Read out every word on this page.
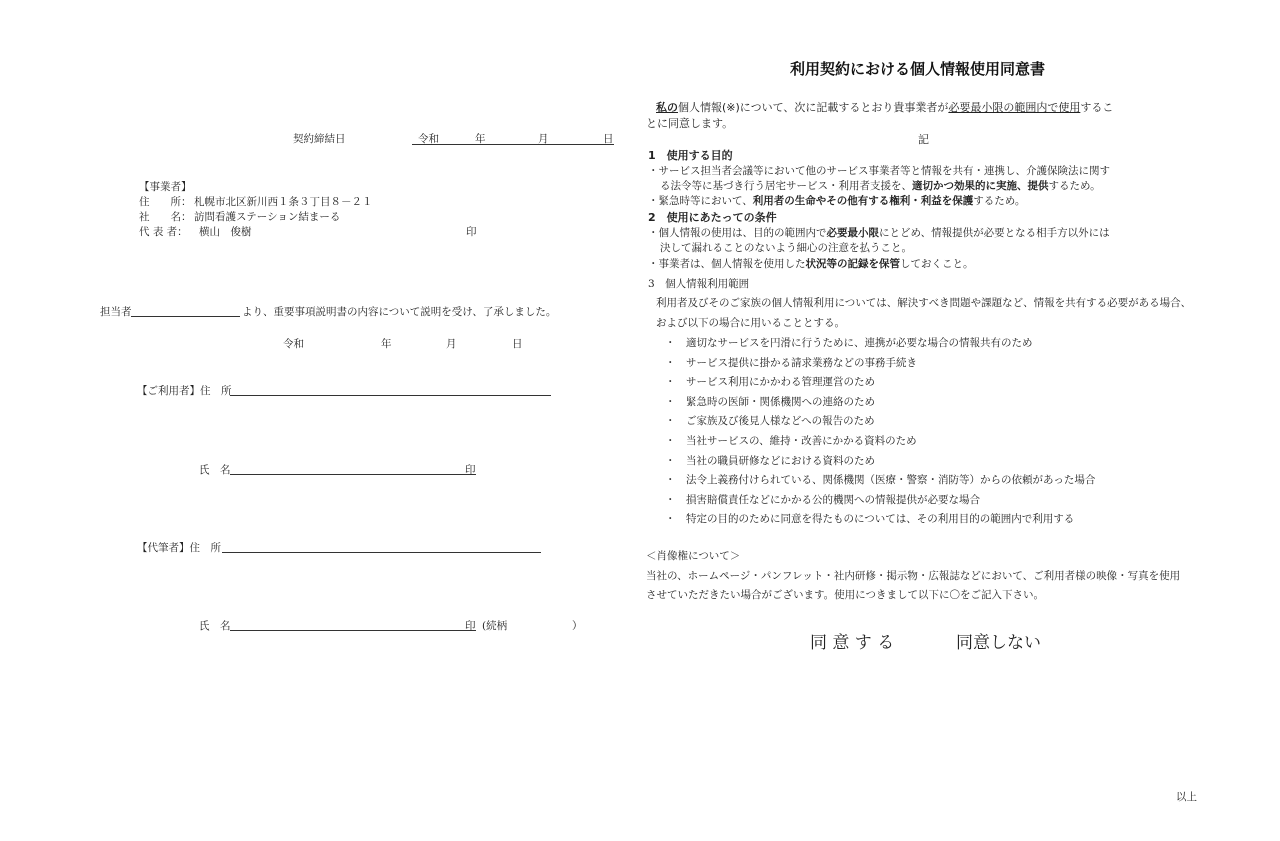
契約締結日	令和	年	月	日
【事業者】
住　　所： 札幌市北区新川西１条３丁目８－２１
社　　名： 訪問看護ステーション結まーる
代 表 者： 横山　俊樹	印
担当者	より、重要事項説明書の内容について説明を受け、了承しました。
令和	年	月	日
【ご利用者】住　所
氏　名	印
【代筆者】住　所
氏　名	印 (続柄	）
利用契約における個人情報使用同意書
私の個人情報(※)について、次に記載するとおり貴事業者が必要最小限の範囲内で使用するこ
とに同意します。
記
1　使用する目的
・サービス担当者会議等において他のサービス事業者等と情報を共有・連携し、介護保険法に関す
る法令等に基づき行う居宅サービス・利用者支援を、適切かつ効果的に実施、提供するため。
・緊急時等において、利用者の生命やその他有する権利・利益を保護するため。
2　使用にあたっての条件
・個人情報の使用は、目的の範囲内で必要最小限にとどめ、情報提供が必要となる相手方以外には
決して漏れることのないよう細心の注意を払うこと。
・事業者は、個人情報を使用した状況等の記録を保管しておくこと。
3　個人情報利用範囲
利用者及びそのご家族の個人情報利用については、解決すべき問題や課題など、情報を共有する必要がある場合、
および以下の場合に用いることとする。
・　適切なサービスを円滑に行うために、連携が必要な場合の情報共有のため
・　サービス提供に掛かる請求業務などの事務手続き
・　サービス利用にかかわる管理運営のため
・　緊急時の医師・関係機関への連絡のため
・　ご家族及び後見人様などへの報告のため
・　当社サービスの、維持・改善にかかる資料のため
・　当社の職員研修などにおける資料のため
・　法令上義務付けられている、関係機関（医療・警察・消防等）からの依頼があった場合
・　損害賠償責任などにかかる公的機関への情報提供が必要な場合
・　特定の目的のために同意を得たものについては、その利用目的の範囲内で利用する
＜肖像権について＞
当社の、ホームページ・パンフレット・社内研修・掲示物・広報誌などにおいて、ご利用者様の映像・写真を使用
させていただきたい場合がございます。使用につきまして以下に〇をご記入下さい。
同 意 す る	同意しない
以上
